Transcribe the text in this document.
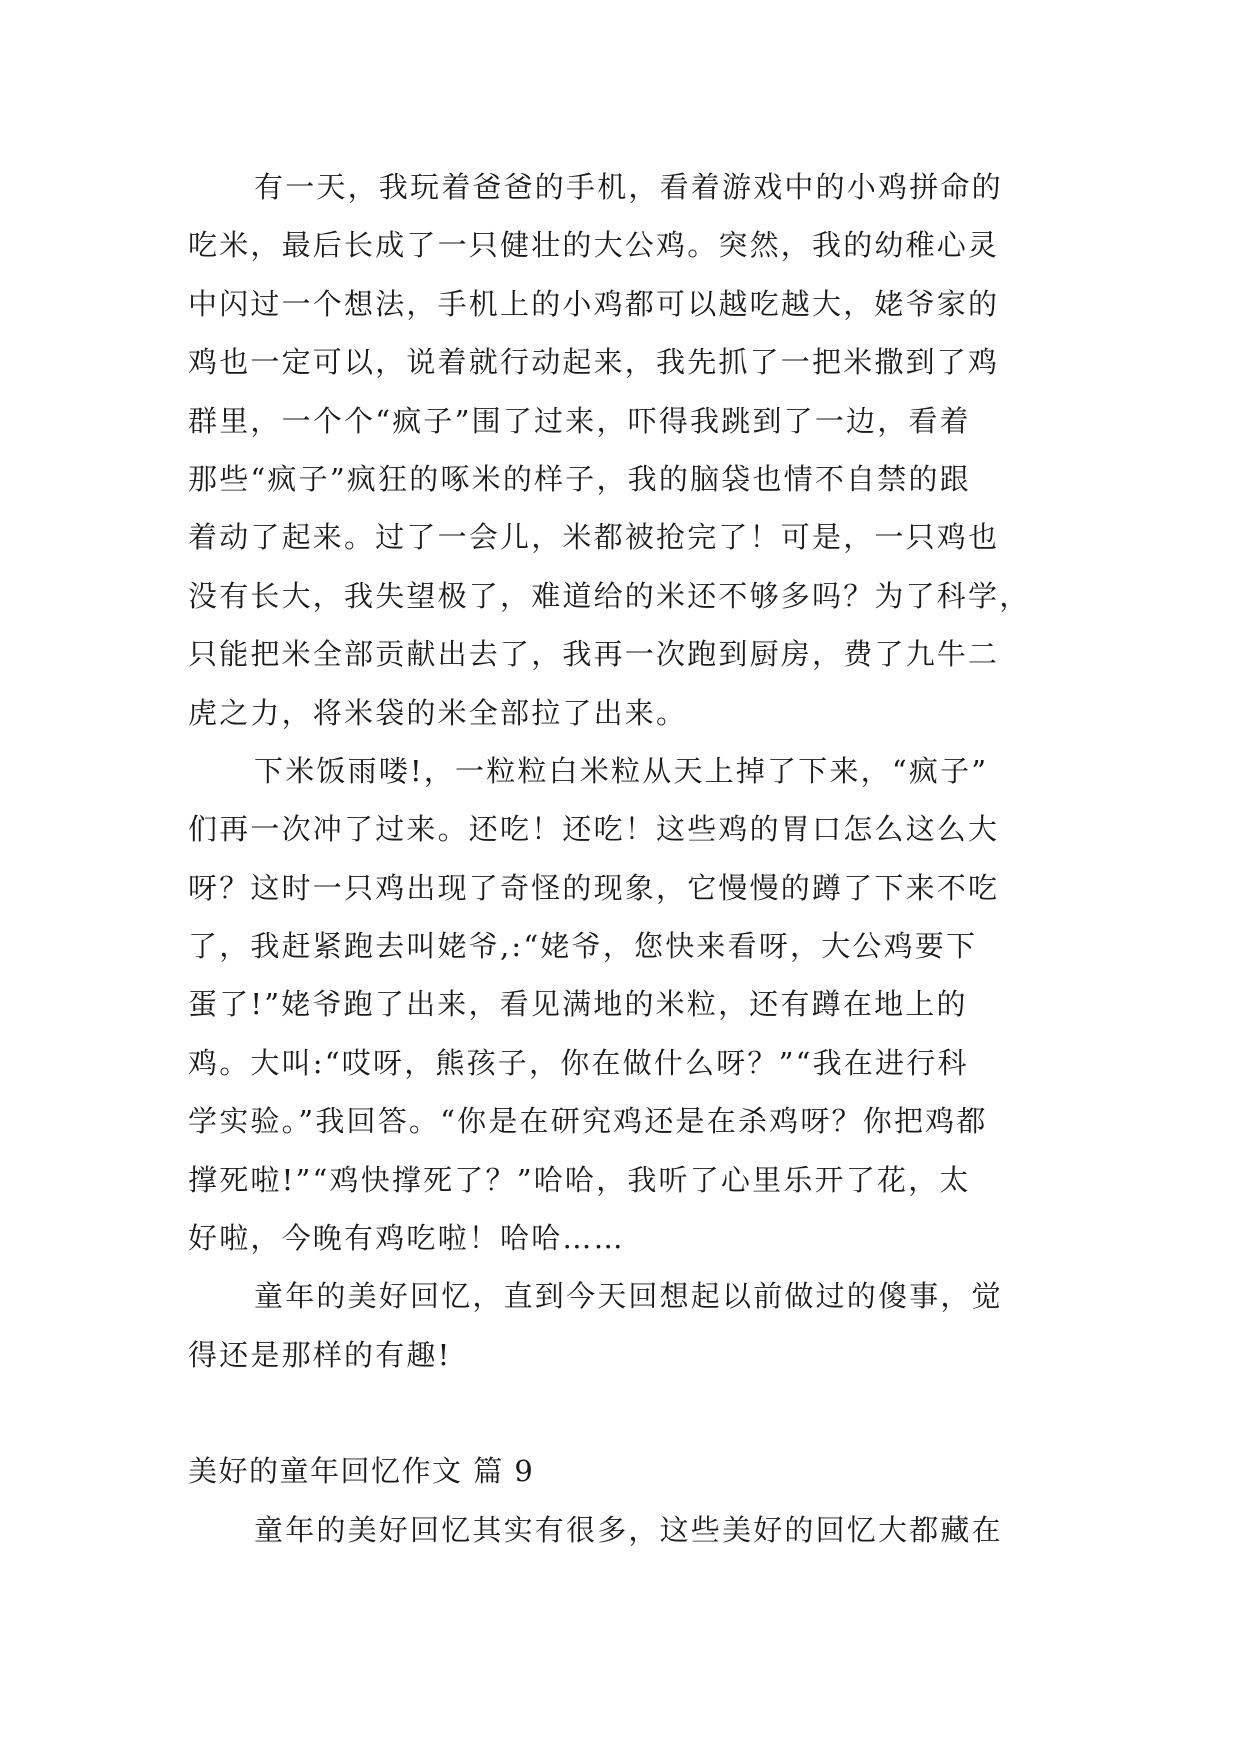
有一天，我玩着爸爸的手机，看着游戏中的小鸡拼命的
吃米，最后长成了一只健壮的大公鸡。突然，我的幼稚心灵
中闪过一个想法，手机上的小鸡都可以越吃越大，姥爷家的
鸡也一定可以，说着就行动起来，我先抓了一把米撒到了鸡
群里，一个个“疯子”围了过来，吓得我跳到了一边，看着
那些“疯子”疯狂的啄米的样子，我的脑袋也情不自禁的跟
着动了起来。过了一会儿，米都被抢完了！可是，一只鸡也
没有长大，我失望极了，难道给的米还不够多吗？为了科学，
只能把米全部贡献出去了，我再一次跑到厨房，费了九牛二
虎之力，将米袋的米全部拉了出来。
下米饭雨喽!，一粒粒白米粒从天上掉了下来，“疯子”
们再一次冲了过来。还吃！还吃！这些鸡的胃口怎么这么大
呀？这时一只鸡出现了奇怪的现象，它慢慢的蹲了下来不吃
了，我赶紧跑去叫姥爷,:“姥爷，您快来看呀，大公鸡要下
蛋了!”姥爷跑了出来，看见满地的米粒，还有蹲在地上的
鸡。大叫:“哎呀，熊孩子，你在做什么呀？”“我在进行科
学实验。”我回答。“你是在研究鸡还是在杀鸡呀？你把鸡都
撑死啦!”“鸡快撑死了？”哈哈，我听了心里乐开了花，太
好啦，今晚有鸡吃啦！哈哈……
童年的美好回忆，直到今天回想起以前做过的傻事，觉
得还是那样的有趣!
美好的童年回忆作文 篇 9
童年的美好回忆其实有很多，这些美好的回忆大都藏在
